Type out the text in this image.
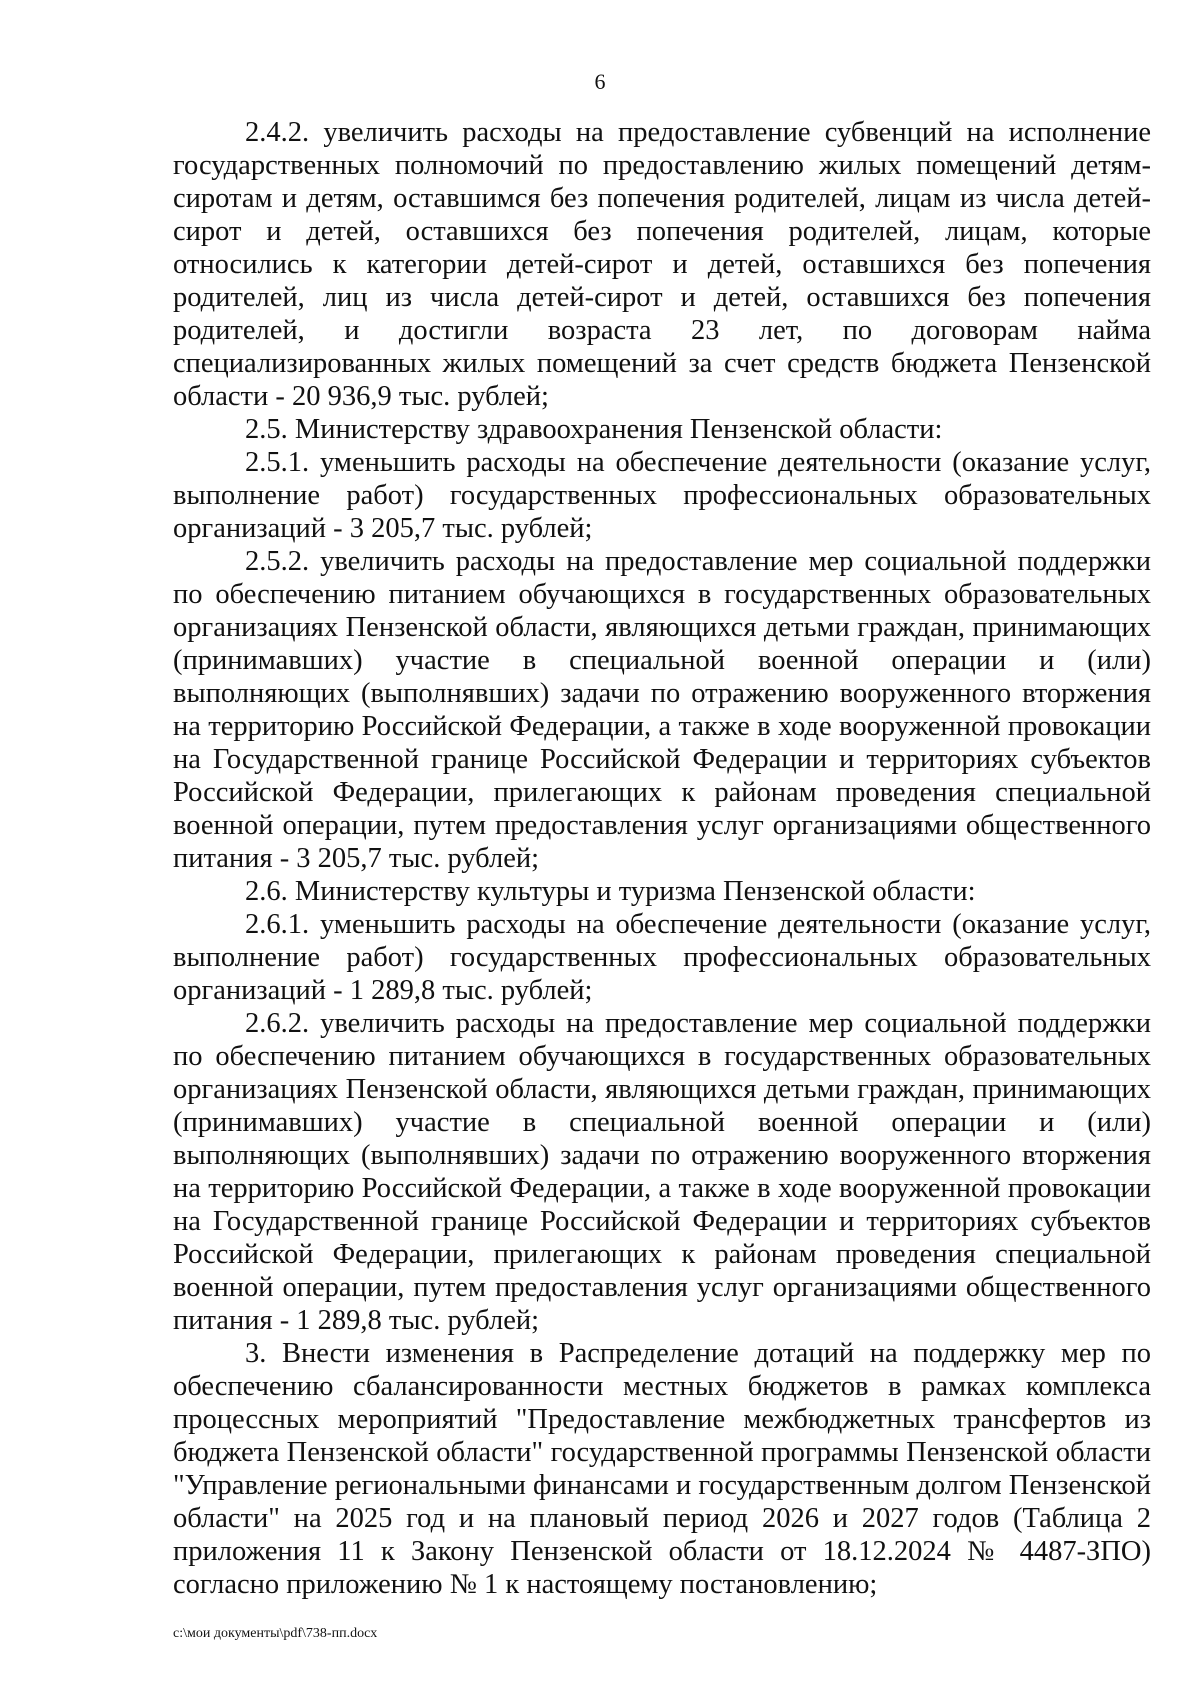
6

2.4.2. увеличить расходы на предоставление субвенций на исполнение государственных полномочий по предоставлению жилых помещений детям-сиротам и детям, оставшимся без попечения родителей, лицам из числа детей-сирот и детей, оставшихся без попечения родителей, лицам, которые относились к категории детей-сирот и детей, оставшихся без попечения родителей, лиц из числа детей-сирот и детей, оставшихся без попечения родителей, и достигли возраста 23 лет, по договорам найма специализированных жилых помещений за счет средств бюджета Пензенской области - 20 936,9 тыс. рублей;

2.5. Министерству здравоохранения Пензенской области:

2.5.1. уменьшить расходы на обеспечение деятельности (оказание услуг, выполнение работ) государственных профессиональных образовательных организаций - 3 205,7 тыс. рублей;

2.5.2. увеличить расходы на предоставление мер социальной поддержки по обеспечению питанием обучающихся в государственных образовательных организациях Пензенской области, являющихся детьми граждан, принимающих (принимавших) участие в специальной военной операции и (или) выполняющих (выполнявших) задачи по отражению вооруженного вторжения на территорию Российской Федерации, а также в ходе вооруженной провокации на Государственной границе Российской Федерации и территориях субъектов Российской Федерации, прилегающих к районам проведения специальной военной операции, путем предоставления услуг организациями общественного питания - 3 205,7 тыс. рублей;

2.6. Министерству культуры и туризма Пензенской области:

2.6.1. уменьшить расходы на обеспечение деятельности (оказание услуг, выполнение работ) государственных профессиональных образовательных организаций - 1 289,8 тыс. рублей;

2.6.2. увеличить расходы на предоставление мер социальной поддержки по обеспечению питанием обучающихся в государственных образовательных организациях Пензенской области, являющихся детьми граждан, принимающих (принимавших) участие в специальной военной операции и (или) выполняющих (выполнявших) задачи по отражению вооруженного вторжения на территорию Российской Федерации, а также в ходе вооруженной провокации на Государственной границе Российской Федерации и территориях субъектов Российской Федерации, прилегающих к районам проведения специальной военной операции, путем предоставления услуг организациями общественного питания - 1 289,8 тыс. рублей;

3. Внести изменения в Распределение дотаций на поддержку мер по обеспечению сбалансированности местных бюджетов в рамках комплекса процессных мероприятий "Предоставление межбюджетных трансфертов из бюджета Пензенской области" государственной программы Пензенской области "Управление региональными финансами и государственным долгом Пензенской области" на 2025 год и на плановый период 2026 и 2027 годов (Таблица 2 приложения 11 к Закону Пензенской области от 18.12.2024 № 4487-ЗПО) согласно приложению № 1 к настоящему постановлению;

c:\мои документы\pdf\738-пп.docx
